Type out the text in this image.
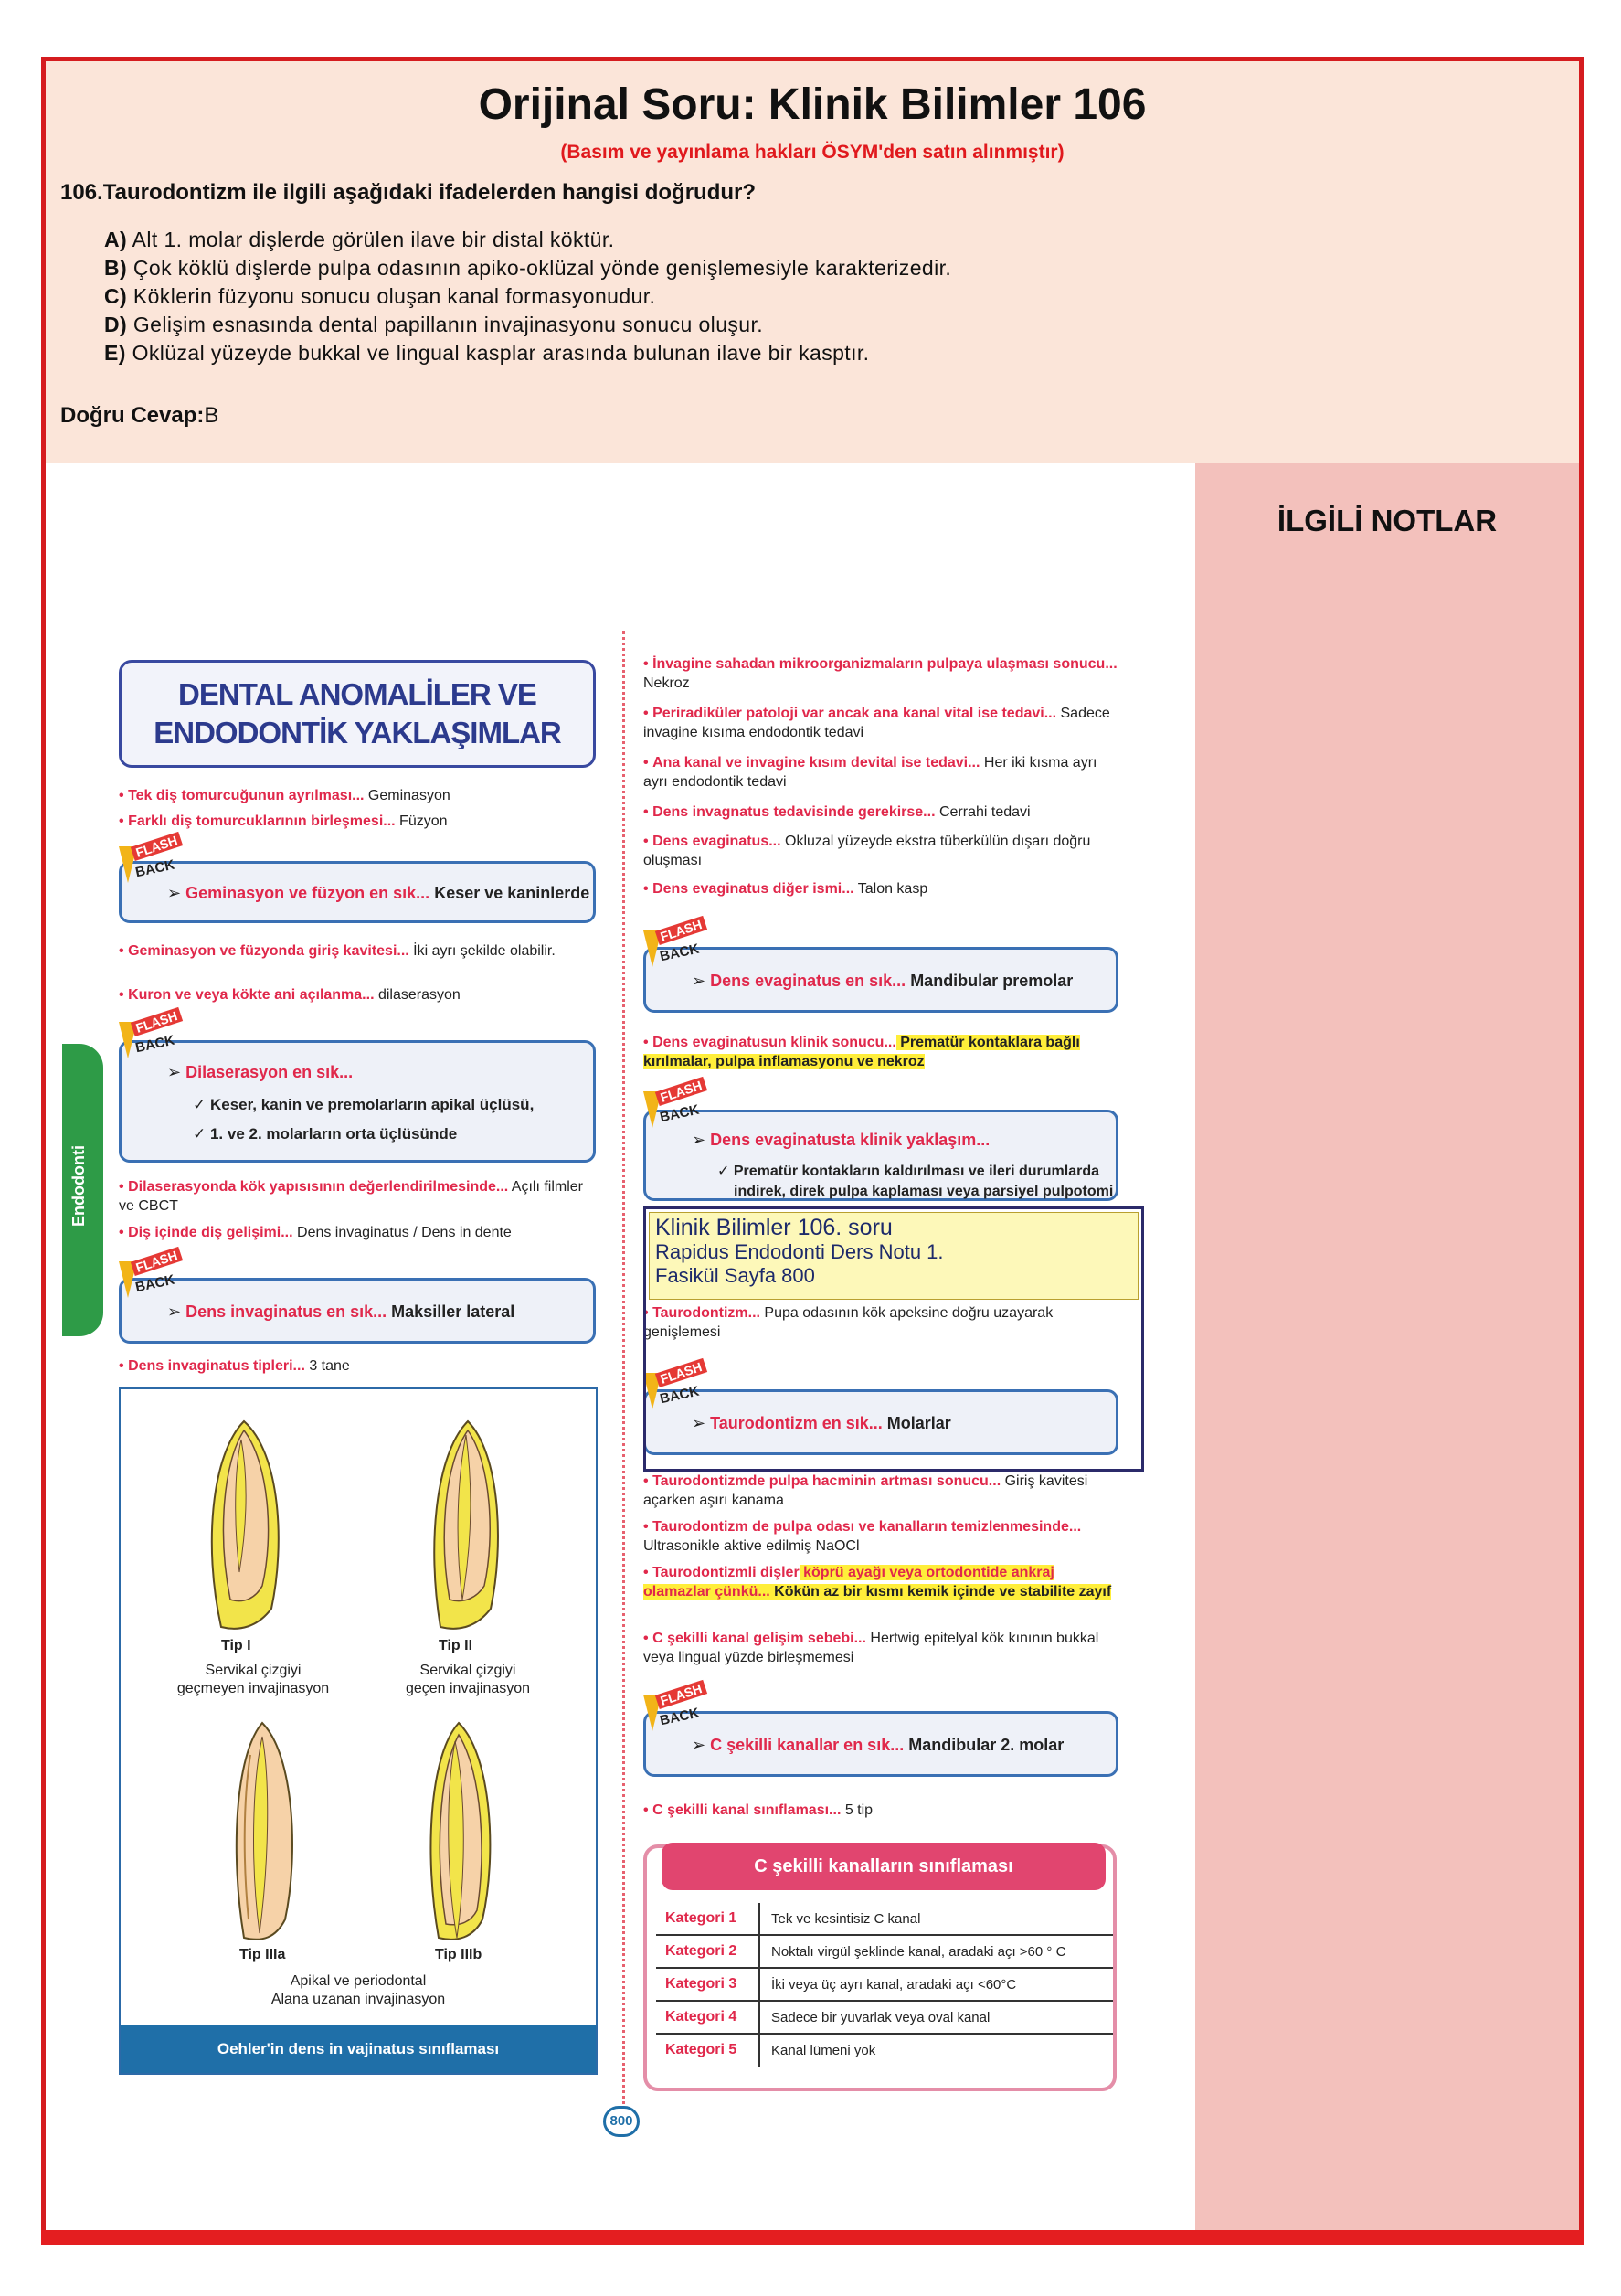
Orijinal Soru: Klinik Bilimler 106
(Basım ve yayınlama hakları ÖSYM'den satın alınmıştır)
106.Taurodontizm ile ilgili aşağıdaki ifadelerden hangisi doğrudur?
A) Alt 1. molar dişlerde görülen ilave bir distal köktür.
B) Çok köklü dişlerde pulpa odasının apiko-oklüzal yönde genişlemesiyle karakterizedir.
C) Köklerin füzyonu sonucu oluşan kanal formasyonudur.
D) Gelişim esnasında dental papillanın invajinasyonu sonucu oluşur.
E) Oklüzal yüzeyde bukkal ve lingual kasplar arasında bulunan ilave bir kasptır.
Doğru Cevap:B
İLGİLİ NOTLAR
Endodonti
DENTAL ANOMALİLER VE
ENDODONTİK YAKLAŞIMLAR
• Tek diş tomurcuğunun ayrılması... Geminasyon
• Farklı diş tomurcuklarının birleşmesi... Füzyon
➢ Geminasyon ve füzyon en sık... Keser ve kaninlerde
FLASH
BACK
• Geminasyon ve füzyonda giriş kavitesi... İki ayrı şekilde olabilir.
• Kuron ve veya kökte ani açılanma... dilaserasyon
➢ Dilaserasyon en sık...
✓ Keser, kanin ve premolarların apikal üçlüsü,
✓ 1. ve 2. molarların orta üçlüsünde
FLASH
BACK
• Dilaserasyonda kök yapısısının değerlendirilmesinde... Açılı filmler ve CBCT
• Diş içinde diş gelişimi... Dens invaginatus / Dens in dente
➢ Dens invaginatus en sık... Maksiller lateral
FLASH
BACK
• Dens invaginatus tipleri... 3 tane
Tip I
Servikal çizgiyi
geçmeyen invajinasyon
Tip II
Servikal çizgiyi
geçen invajinasyon
Tip IIIa	Tip IIIb
Apikal ve periodontal
Alana uzanan invajinasyon
Oehler'in dens in vajinatus sınıflaması
• İnvagine sahadan mikroorganizmaların pulpaya ulaşması sonucu... Nekroz
• Periradiküler patoloji var ancak ana kanal vital ise tedavi... Sadece invagine kısıma endodontik tedavi
• Ana kanal ve invagine kısım devital ise tedavi... Her iki kısma ayrı ayrı endodontik tedavi
• Dens invagnatus tedavisinde gerekirse... Cerrahi tedavi
• Dens evaginatus... Okluzal yüzeyde ekstra tüberkülün dışarı doğru oluşması
• Dens evaginatus diğer ismi... Talon kasp
➢ Dens evaginatus en sık... Mandibular premolar
FLASH
BACK
• Dens evaginatusun klinik sonucu... Prematür kontaklara bağlı kırılmalar, pulpa inflamasyonu ve nekroz
➢ Dens evaginatusta klinik yaklaşım...
✓ Prematür kontakların kaldırılması ve ileri durumlarda
indirek, direk pulpa kaplaması veya parsiyel pulpotomi
FLASH
BACK
• Taurodontizm... Pupa odasının kök apeksine doğru uzayarak genişlemesi
➢ Taurodontizm en sık... Molarlar
FLASH
BACK
Klinik Bilimler 106. soru
Rapidus Endodonti Ders Notu 1.
Fasikül Sayfa 800
• Taurodontizmde pulpa hacminin artması sonucu... Giriş kavitesi açarken aşırı kanama
• Taurodontizm de pulpa odası ve kanalların temizlenmesinde... Ultrasonikle aktive edilmiş NaOCl
• Taurodontizmli dişler köprü ayağı veya ortodontide ankraj olamazlar çünkü... Kökün az bir kısmı kemik içinde ve stabilite zayıf
• C şekilli kanal gelişim sebebi... Hertwig epitelyal kök kınının bukkal veya lingual yüzde birleşmemesi
➢ C şekilli kanallar en sık... Mandibular 2. molar
FLASH
BACK
• C şekilli kanal sınıflaması... 5 tip
C şekilli kanalların sınıflaması
Kategori 1	Tek ve kesintisiz C kanal
Kategori 2	Noktalı virgül şeklinde kanal, aradaki açı >60 ° C
Kategori 3	İki veya üç ayrı kanal, aradaki açı <60°C
Kategori 4	Sadece bir yuvarlak veya oval kanal
Kategori 5	Kanal lümeni yok
800
